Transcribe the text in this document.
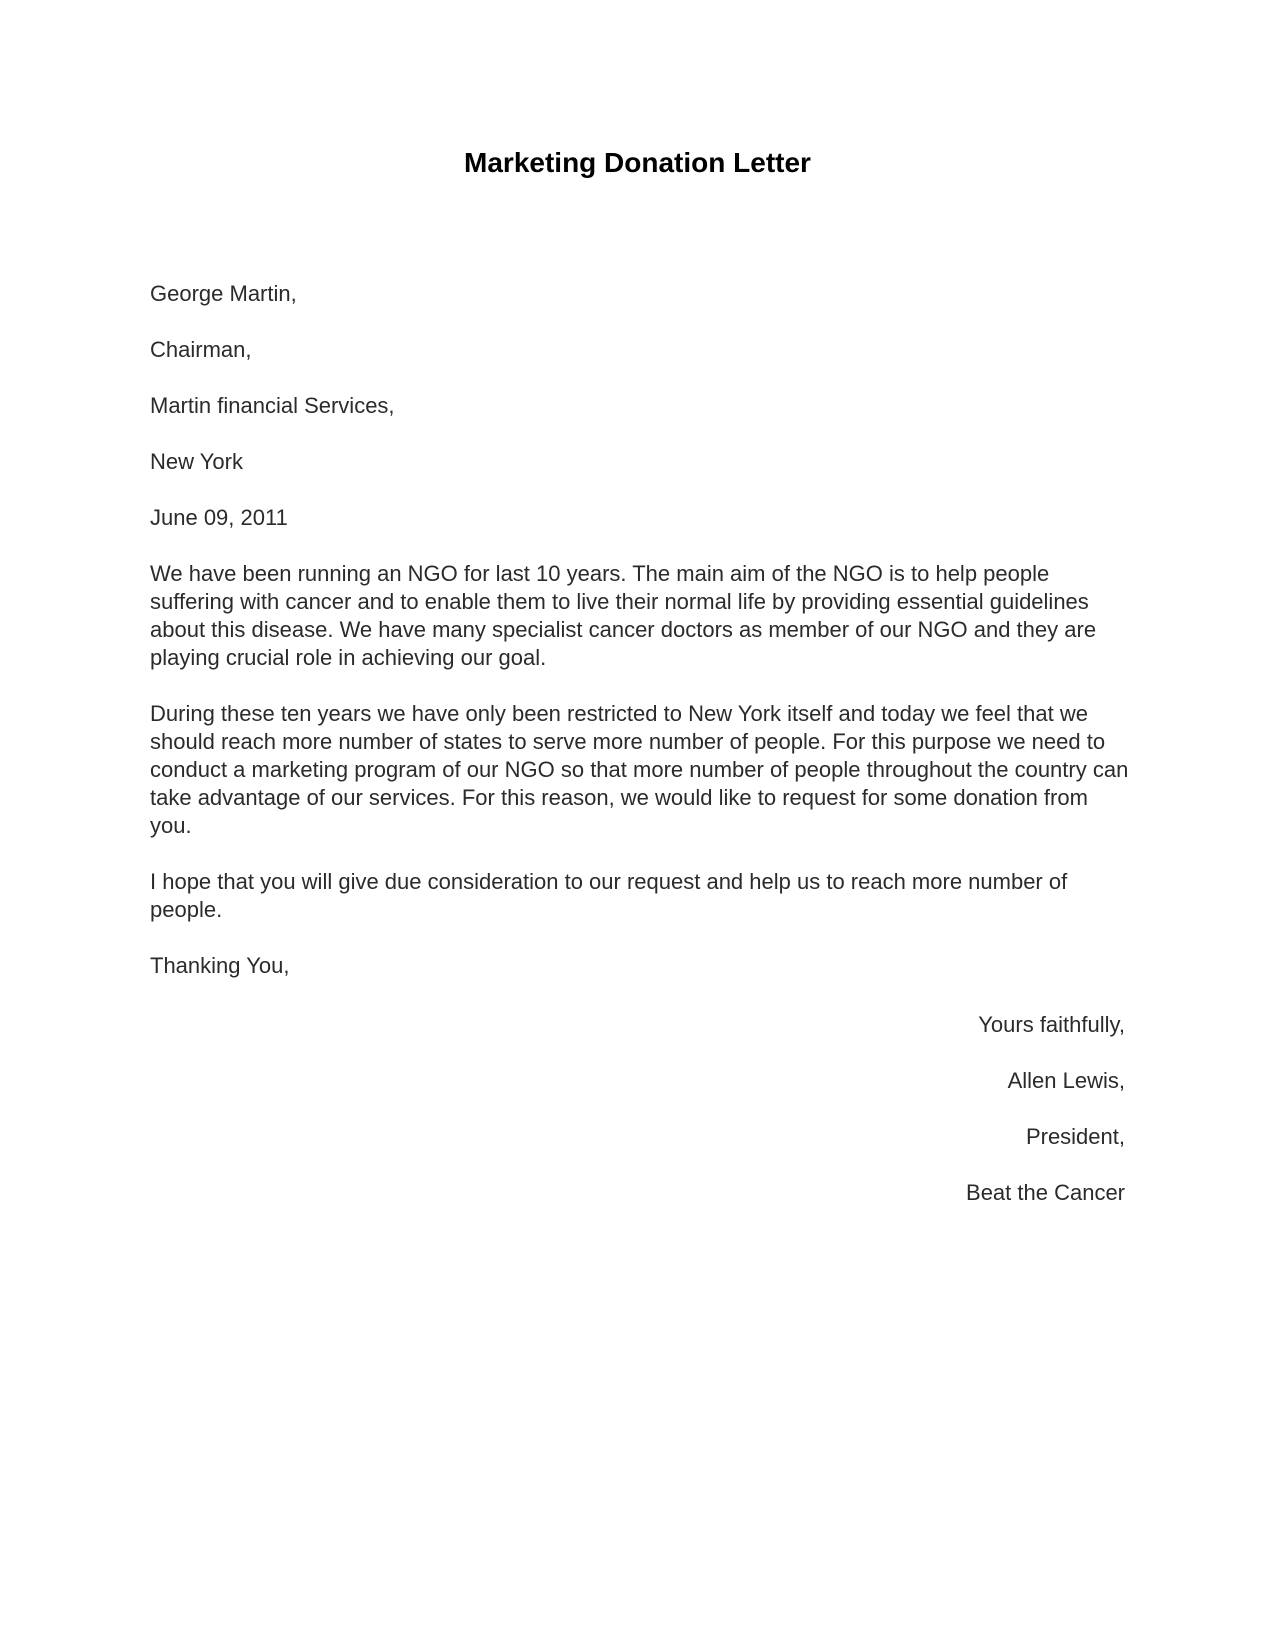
Marketing Donation Letter

George Martin,

Chairman,

Martin financial Services,

New York

June 09, 2011

We have been running an NGO for last 10 years. The main aim of the NGO is to help people suffering with cancer and to enable them to live their normal life by providing essential guidelines about this disease. We have many specialist cancer doctors as member of our NGO and they are playing crucial role in achieving our goal.

During these ten years we have only been restricted to New York itself and today we feel that we should reach more number of states to serve more number of people. For this purpose we need to conduct a marketing program of our NGO so that more number of people throughout the country can take advantage of our services. For this reason, we would like to request for some donation from you.

I hope that you will give due consideration to our request and help us to reach more number of people.

Thanking You,

Yours faithfully,

Allen Lewis,

President,

Beat the Cancer
